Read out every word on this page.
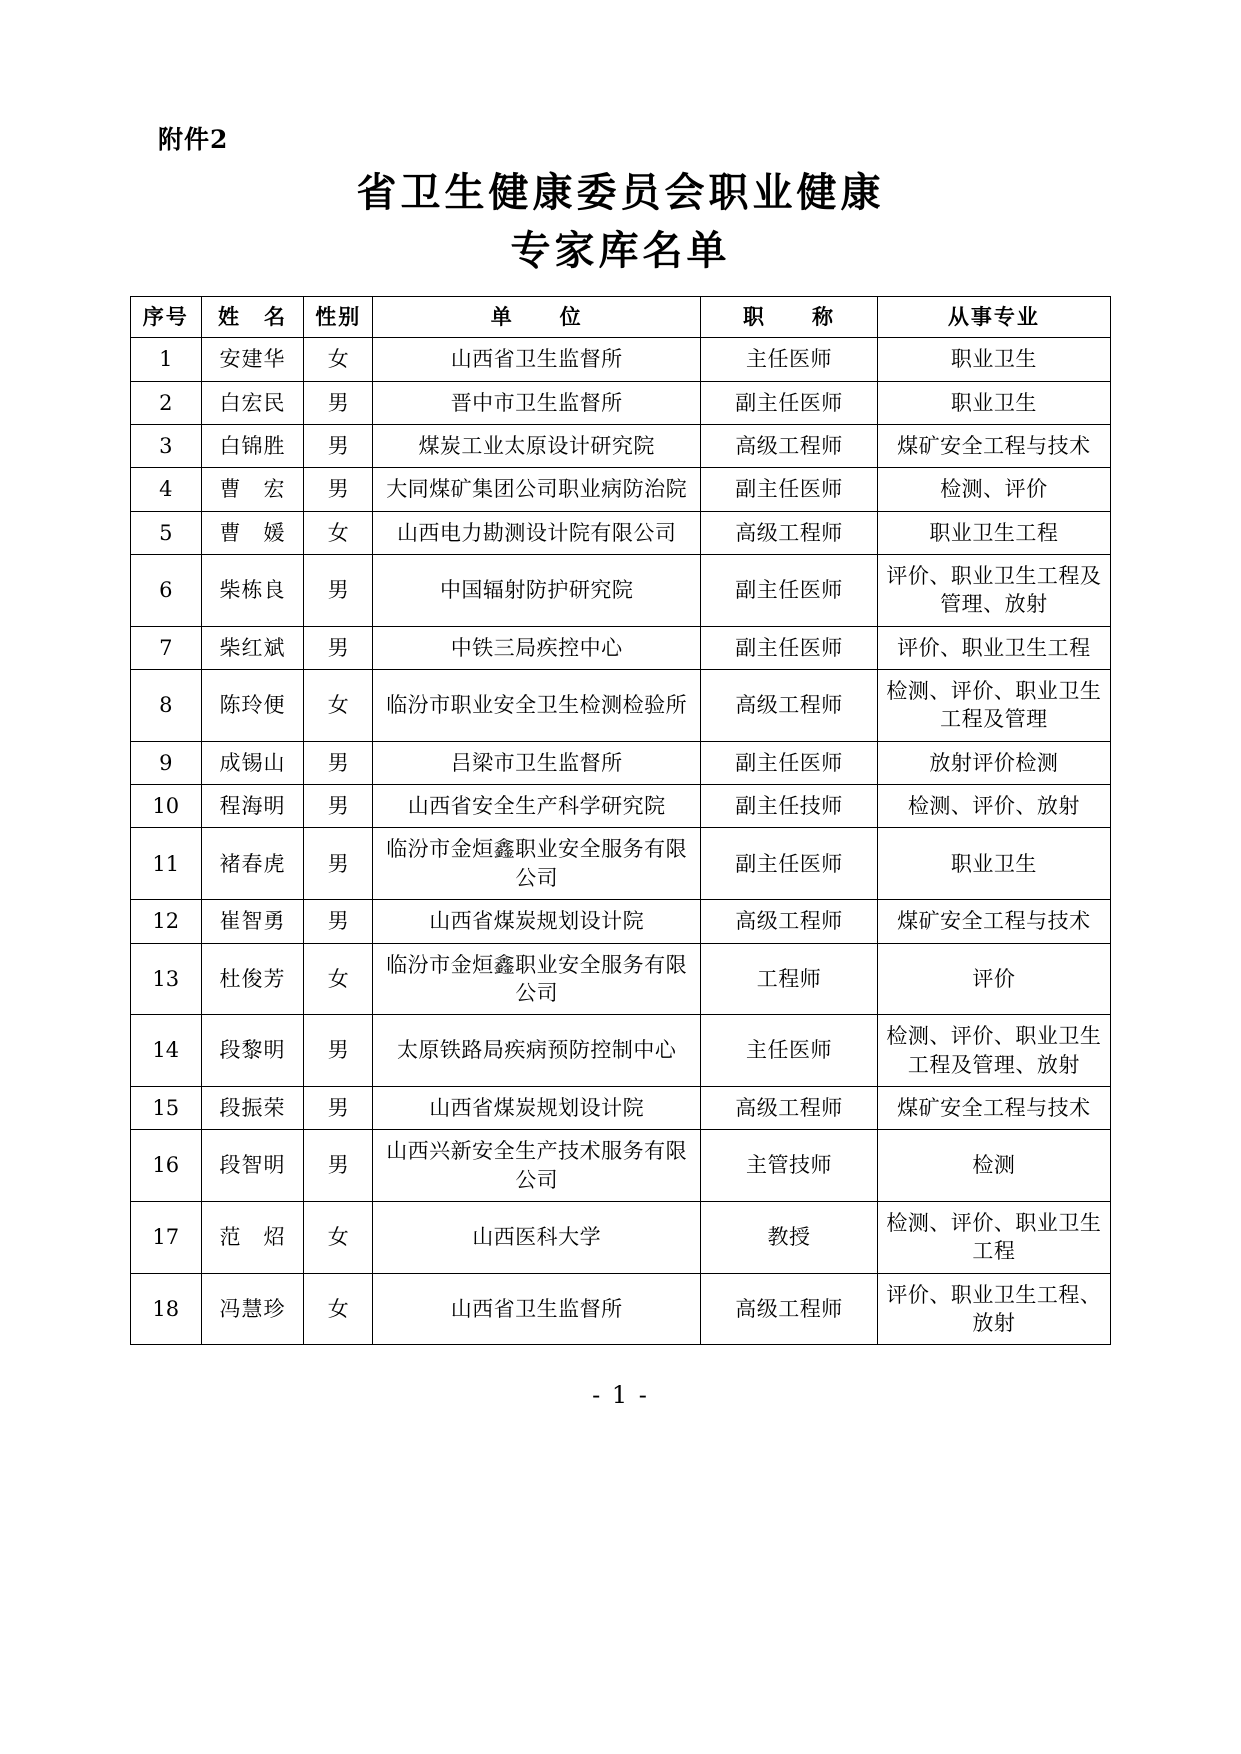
附件2
省卫生健康委员会职业健康
专家库名单
序号	姓　名	性别	单　　位	职　　称	从事专业
1	安建华	女	山西省卫生监督所	主任医师	职业卫生
2	白宏民	男	晋中市卫生监督所	副主任医师	职业卫生
3	白锦胜	男	煤炭工业太原设计研究院	高级工程师	煤矿安全工程与技术
4	曹　宏	男	大同煤矿集团公司职业病防治院	副主任医师	检测、评价
5	曹　媛	女	山西电力勘测设计院有限公司	高级工程师	职业卫生工程
6	柴栋良	男	中国辐射防护研究院	副主任医师	评价、职业卫生工程及管理、放射
7	柴红斌	男	中铁三局疾控中心	副主任医师	评价、职业卫生工程
8	陈玲便	女	临汾市职业安全卫生检测检验所	高级工程师	检测、评价、职业卫生工程及管理
9	成锡山	男	吕梁市卫生监督所	副主任医师	放射评价检测
10	程海明	男	山西省安全生产科学研究院	副主任技师	检测、评价、放射
11	褚春虎	男	临汾市金烜鑫职业安全服务有限公司	副主任医师	职业卫生
12	崔智勇	男	山西省煤炭规划设计院	高级工程师	煤矿安全工程与技术
13	杜俊芳	女	临汾市金烜鑫职业安全服务有限公司	工程师	评价
14	段黎明	男	太原铁路局疾病预防控制中心	主任医师	检测、评价、职业卫生工程及管理、放射
15	段振荣	男	山西省煤炭规划设计院	高级工程师	煤矿安全工程与技术
16	段智明	男	山西兴新安全生产技术服务有限公司	主管技师	检测
17	范　炤	女	山西医科大学	教授	检测、评价、职业卫生工程
18	冯慧珍	女	山西省卫生监督所	高级工程师	评价、职业卫生工程、放射
- 1 -
